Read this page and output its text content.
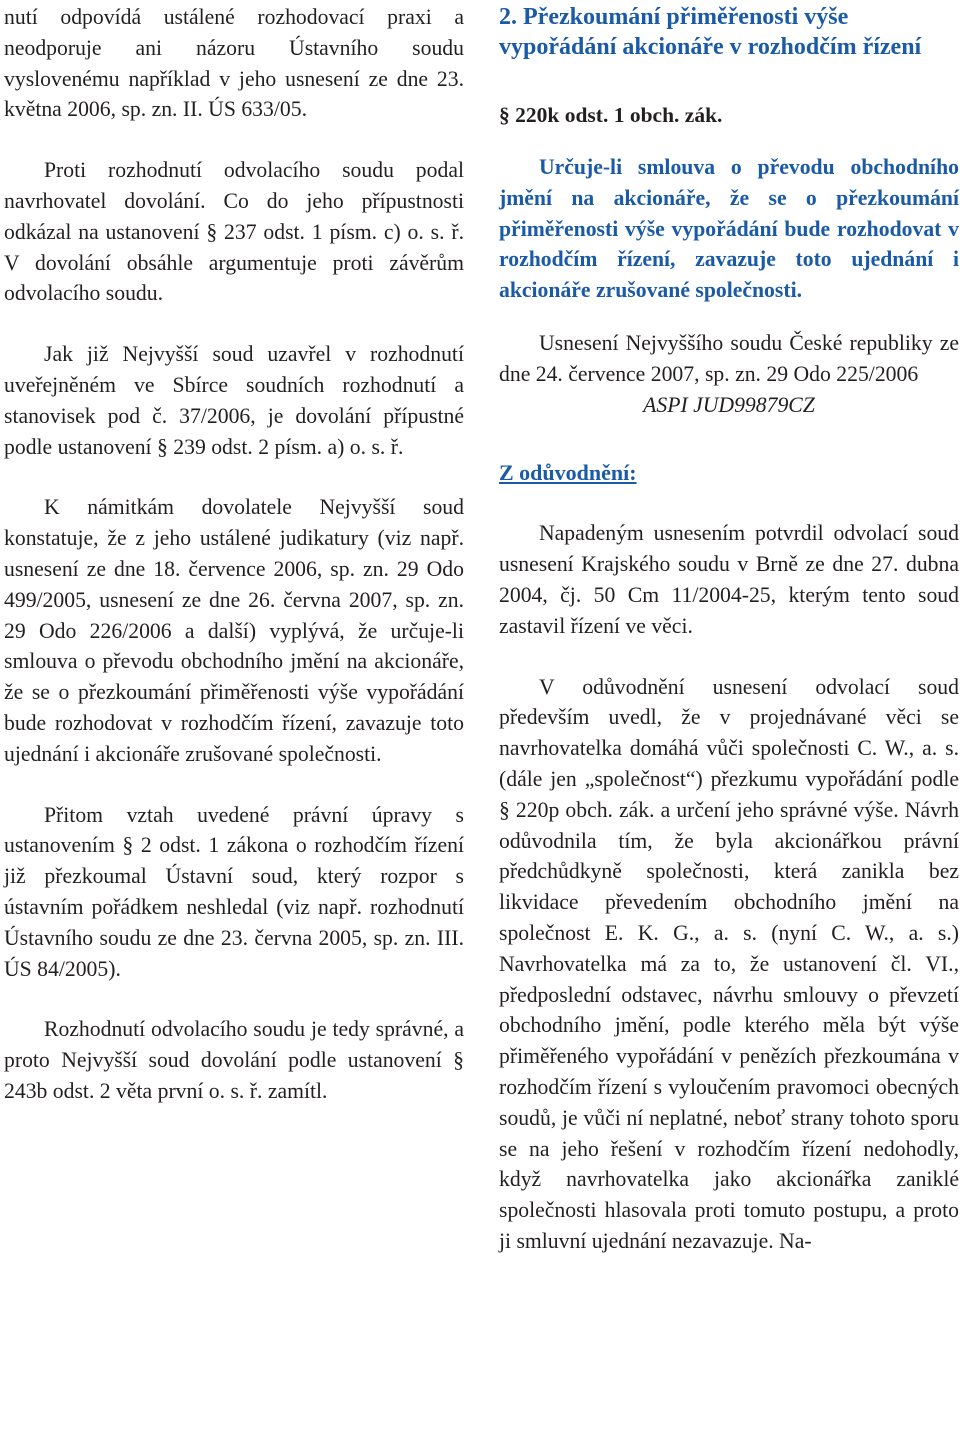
nutí odpovídá ustálené rozhodovací praxi a neodporuje ani názoru Ústavního soudu vyslovenému například v jeho usnesení ze dne 23. května 2006, sp. zn. II. ÚS 633/05.

Proti rozhodnutí odvolacího soudu podal navrhovatel dovolání. Co do jeho přípustnosti odkázal na ustanovení § 237 odst. 1 písm. c) o. s. ř. V dovolání obsáhle argumentuje proti závěrům odvolacího soudu.

Jak již Nejvyšší soud uzavřel v rozhodnutí uveřejněném ve Sbírce soudních rozhodnutí a stanovisek pod č. 37/2006, je dovolání přípustné podle ustanovení § 239 odst. 2 písm. a) o. s. ř.

K námitkám dovolatele Nejvyšší soud konstatuje, že z jeho ustálené judikatury (viz např. usnesení ze dne 18. července 2006, sp. zn. 29 Odo 499/2005, usnesení ze dne 26. června 2007, sp. zn. 29 Odo 226/2006 a další) vyplývá, že určuje-li smlouva o převodu obchodního jmění na akcionáře, že se o přezkoumání přiměřenosti výše vypořádání bude rozhodovat v rozhodčím řízení, zavazuje toto ujednání i akcionáře zrušované společnosti.

Přitom vztah uvedené právní úpravy s ustanovením § 2 odst. 1 zákona o rozhodčím řízení již přezkoumal Ústavní soud, který rozpor s ústavním pořádkem neshledal (viz např. rozhodnutí Ústavního soudu ze dne 23. června 2005, sp. zn. III. ÚS 84/2005).

Rozhodnutí odvolacího soudu je tedy správné, a proto Nejvyšší soud dovolání podle ustanovení § 243b odst. 2 věta první o. s. ř. zamítl.

2. Přezkoumání přiměřenosti výše vypořádání akcionáře v rozhodčím řízení

§ 220k odst. 1 obch. zák.

Určuje-li smlouva o převodu obchodního jmění na akcionáře, že se o přezkoumání přiměřenosti výše vypořádání bude rozhodovat v rozhodčím řízení, zavazuje toto ujednání i akcionáře zrušované společnosti.

Usnesení Nejvyššího soudu České republiky ze dne 24. července 2007, sp. zn. 29 Odo 225/2006

ASPI JUD99879CZ

Z odůvodnění:

Napadeným usnesením potvrdil odvolací soud usnesení Krajského soudu v Brně ze dne 27. dubna 2004, čj. 50 Cm 11/2004-25, kterým tento soud zastavil řízení ve věci.

V odůvodnění usnesení odvolací soud především uvedl, že v projednávané věci se navrhovatelka domáhá vůči společnosti C. W., a. s. (dále jen „společnost“) přezkumu vypořádání podle § 220p obch. zák. a určení jeho správné výše. Návrh odůvodnila tím, že byla akcionářkou právní předchůdkyně společnosti, která zanikla bez likvidace převedením obchodního jmění na společnost E. K. G., a. s. (nyní C. W., a. s.) Navrhovatelka má za to, že ustanovení čl. VI., předposlední odstavec, návrhu smlouvy o převzetí obchodního jmění, podle kterého měla být výše přiměřeného vypořádání v penězích přezkoumána v rozhodčím řízení s vyloučením pravomoci obecných soudů, je vůči ní neplatné, neboť strany tohoto sporu se na jeho řešení v rozhodčím řízení nedohodly, když navrhovatelka jako akcionářka zaniklé společnosti hlasovala proti tomuto postupu, a proto ji smluvní ujednání nezavazuje. Na-
